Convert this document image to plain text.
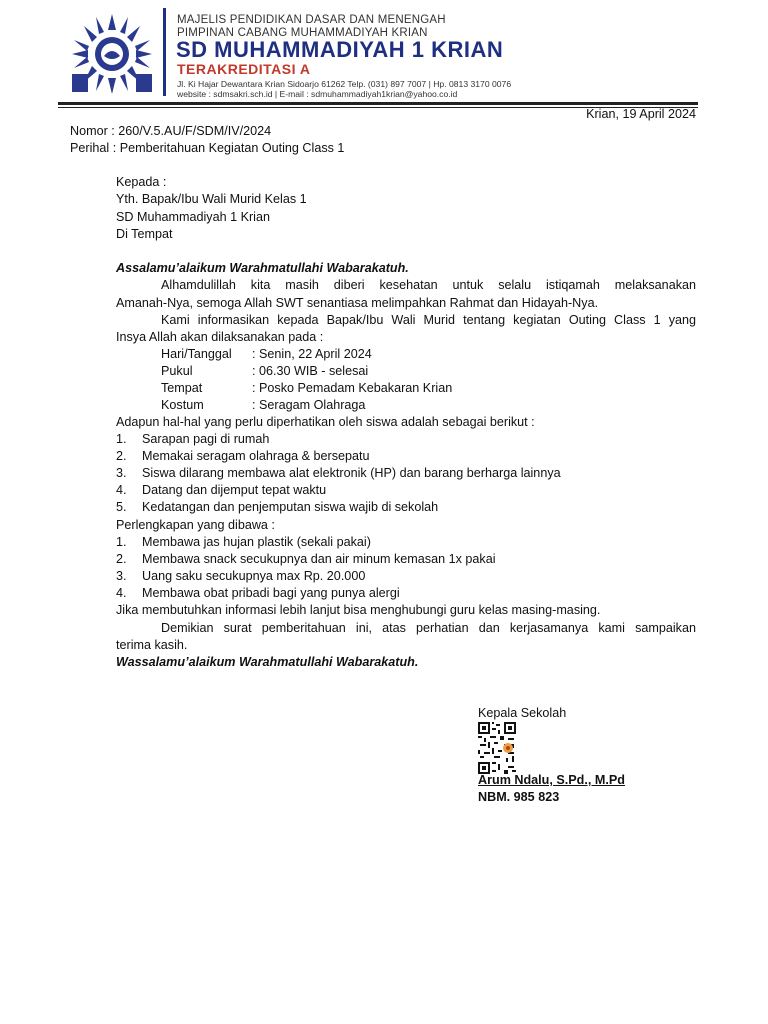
MAJELIS PENDIDIKAN DASAR DAN MENENGAH
PIMPINAN CABANG MUHAMMADIYAH KRIAN
SD MUHAMMADIYAH 1 KRIAN
TERAKREDITASI A
Jl. Ki Hajar Dewantara Krian Sidoarjo 61262 Telp. (031) 897 7007 | Hp. 0813 3170 0076
website : sdmsakri.sch.id | E-mail : sdmuhammadiyah1krian@yahoo.co.id
Krian, 19 April 2024
Nomor : 260/V.5.AU/F/SDM/IV/2024
Perihal : Pemberitahuan Kegiatan Outing Class 1
Kepada :
Yth. Bapak/Ibu Wali Murid Kelas 1
SD Muhammadiyah 1 Krian
Di Tempat
Assalamu’alaikum Warahmatullahi Wabarakatuh.
Alhamdulillah kita masih diberi kesehatan untuk selalu istiqamah melaksanakan
Amanah-Nya, semoga Allah SWT senantiasa melimpahkan Rahmat dan Hidayah-Nya.
Kami informasikan kepada Bapak/Ibu Wali Murid tentang kegiatan Outing Class 1 yang
Insya Allah akan dilaksanakan pada :
Hari/Tanggal : Senin, 22 April 2024
Pukul	: 06.30 WIB - selesai
Tempat	: Posko Pemadam Kebakaran Krian
Kostum	: Seragam Olahraga
Adapun hal-hal yang perlu diperhatikan oleh siswa adalah sebagai berikut :
1. Sarapan pagi di rumah
2. Memakai seragam olahraga & bersepatu
3. Siswa dilarang membawa alat elektronik (HP) dan barang berharga lainnya
4. Datang dan dijemput tepat waktu
5. Kedatangan dan penjemputan siswa wajib di sekolah
Perlengkapan yang dibawa :
1. Membawa jas hujan plastik (sekali pakai)
2. Membawa snack secukupnya dan air minum kemasan 1x pakai
3. Uang saku secukupnya max Rp. 20.000
4. Membawa obat pribadi bagi yang punya alergi
Jika membutuhkan informasi lebih lanjut bisa menghubungi guru kelas masing-masing.
Demikian surat pemberitahuan ini, atas perhatian dan kerjasamanya kami sampaikan
terima kasih.
Wassalamu’alaikum Warahmatullahi Wabarakatuh.
Kepala Sekolah
Arum Ndalu, S.Pd., M.Pd
NBM. 985 823
